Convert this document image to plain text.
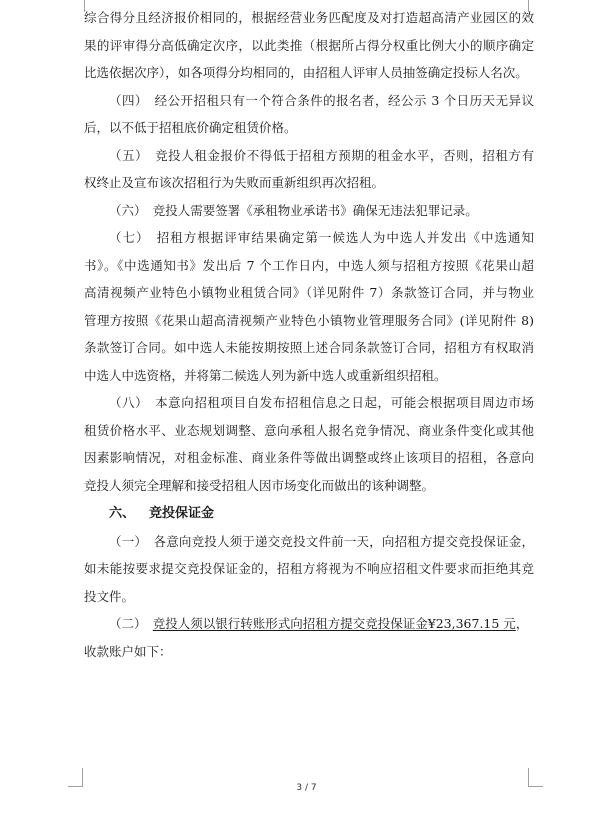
综合得分且经济报价相同的，根据经营业务匹配度及对打造超高清产业园区的效
果的评审得分高低确定次序，以此类推（根据所占得分权重比例大小的顺序确定
比选依据次序），如各项得分均相同的，由招租人评审人员抽签确定投标人名次。

（四）　经公开招租只有一个符合条件的报名者，经公示 3 个日历天无异议
后，以不低于招租底价确定租赁价格。

（五）　竞投人租金报价不得低于招租方预期的租金水平，否则，招租方有
权终止及宣布该次招租行为失败而重新组织再次招租。

（六）　竞投人需要签署《承租物业承诺书》确保无违法犯罪记录。

（七）　招租方根据评审结果确定第一候选人为中选人并发出《中选通知
书》。《中选通知书》发出后 7 个工作日内，中选人须与招租方按照《花果山超
高清视频产业特色小镇物业租赁合同》（详见附件 7）条款签订合同，并与物业
管理方按照《花果山超高清视频产业特色小镇物业管理服务合同》(详见附件 8)
条款签订合同。如中选人未能按期按照上述合同条款签订合同，招租方有权取消
中选人中选资格，并将第二候选人列为新中选人或重新组织招租。

（八）　本意向招租项目自发布招租信息之日起，可能会根据项目周边市场
租赁价格水平、业态规划调整、意向承租人报名竞争情况、商业条件变化或其他
因素影响情况，对租金标准、商业条件等做出调整或终止该项目的招租，各意向
竞投人须完全理解和接受招租人因市场变化而做出的该种调整。

六、 竞投保证金

（一）　各意向竞投人须于递交竞投文件前一天，向招租方提交竞投保证金，
如未能按要求提交竞投保证金的，招租方将视为不响应招租文件要求而拒绝其竞
投文件。

（二）　竞投人须以银行转账形式向招租方提交竞投保证金¥23,367.15 元，
收款账户如下：

3 / 7
